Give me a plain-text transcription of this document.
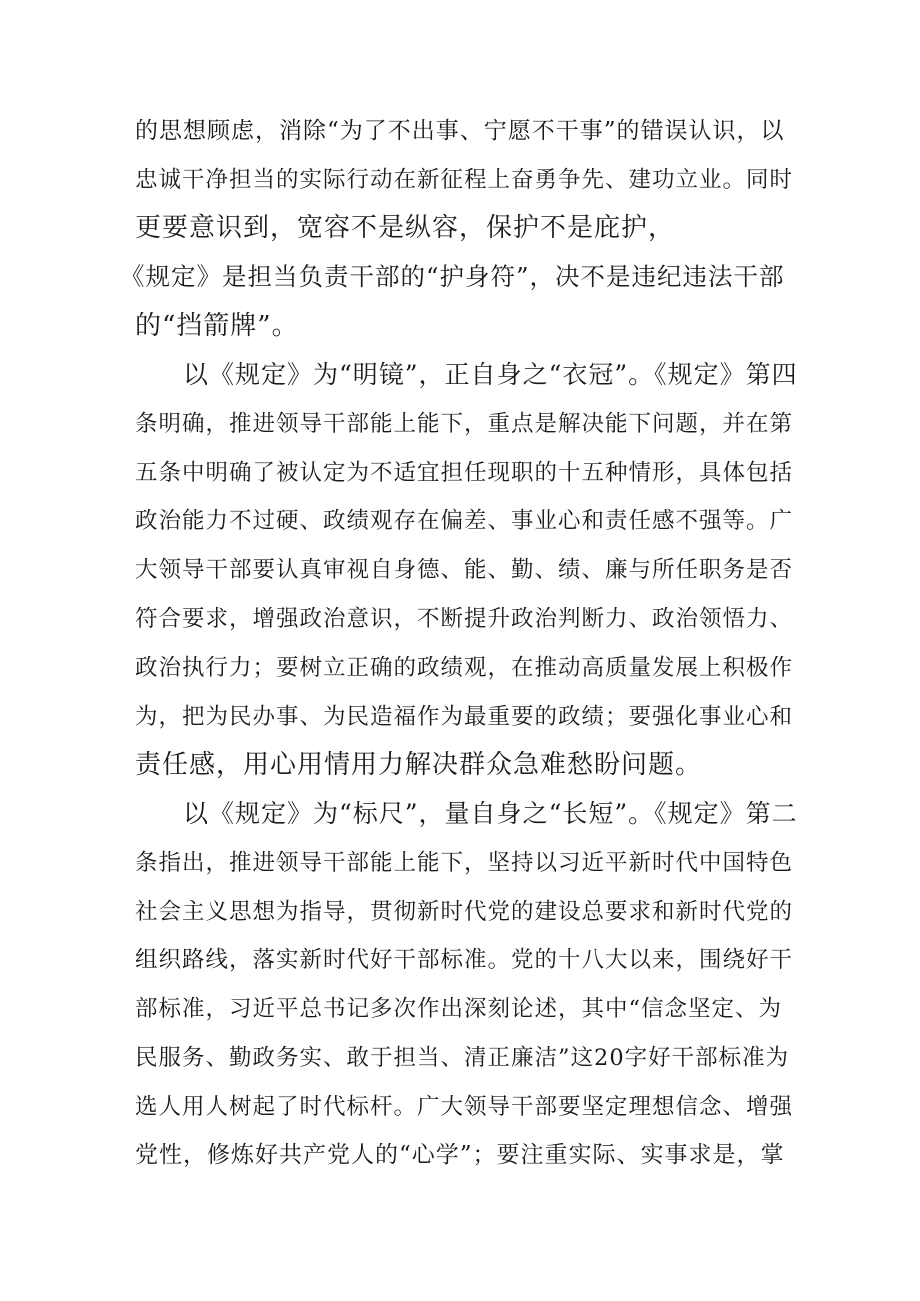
的思想顾虑，消除“为了不出事、宁愿不干事”的错误认识，以

忠诚干净担当的实际行动在新征程上奋勇争先、建功立业。同时

更要意识到，宽容不是纵容，保护不是庇护，

《规定》是担当负责干部的“护身符”，决不是违纪违法干部

的“挡箭牌”。

以《规定》为“明镜”，正自身之“衣冠”。《规定》第四

条明确，推进领导干部能上能下，重点是解决能下问题，并在第

五条中明确了被认定为不适宜担任现职的十五种情形，具体包括

政治能力不过硬、政绩观存在偏差、事业心和责任感不强等。广

大领导干部要认真审视自身德、能、勤、绩、廉与所任职务是否

符合要求，增强政治意识，不断提升政治判断力、政治领悟力、

政治执行力；要树立正确的政绩观，在推动高质量发展上积极作

为，把为民办事、为民造福作为最重要的政绩；要强化事业心和

责任感，用心用情用力解决群众急难愁盼问题。

以《规定》为“标尺”，量自身之“长短”。《规定》第二

条指出，推进领导干部能上能下，坚持以习近平新时代中国特色

社会主义思想为指导，贯彻新时代党的建设总要求和新时代党的

组织路线，落实新时代好干部标准。党的十八大以来，围绕好干

部标准，习近平总书记多次作出深刻论述，其中“信念坚定、为

民服务、勤政务实、敢于担当、清正廉洁”这20字好干部标准为

选人用人树起了时代标杆。广大领导干部要坚定理想信念、增强

党性，修炼好共产党人的“心学”；要注重实际、实事求是，掌
